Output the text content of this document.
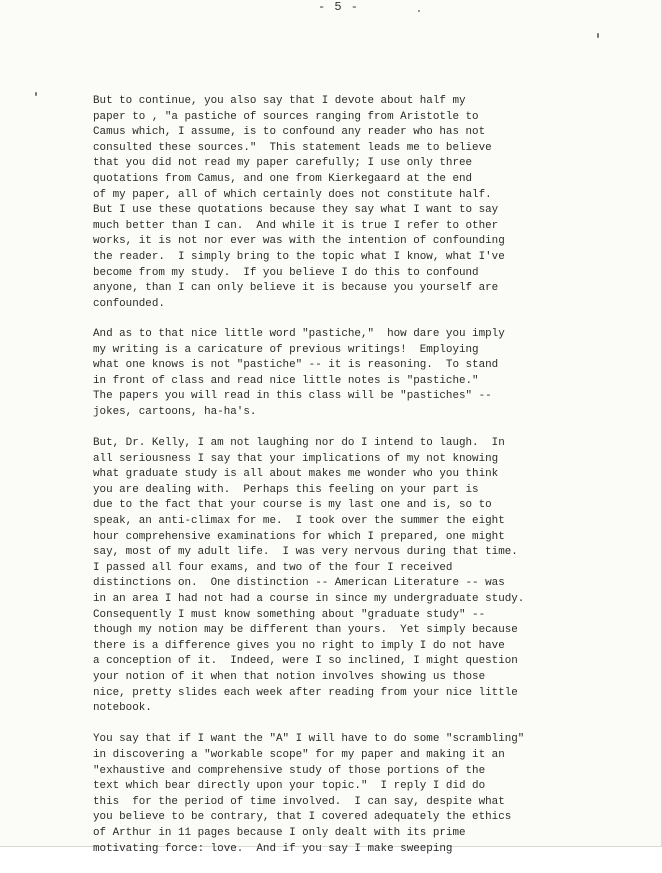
- 5 -
But to continue, you also say that I devote about half my
paper to , "a pastiche of sources ranging from Aristotle to
Camus which, I assume, is to confound any reader who has not
consulted these sources."  This statement leads me to believe
that you did not read my paper carefully; I use only three
quotations from Camus, and one from Kierkegaard at the end
of my paper, all of which certainly does not constitute half.
But I use these quotations because they say what I want to say
much better than I can.  And while it is true I refer to other
works, it is not nor ever was with the intention of confounding
the reader.  I simply bring to the topic what I know, what I've
become from my study.  If you believe I do this to confound
anyone, than I can only believe it is because you yourself are
confounded.
And as to that nice little word "pastiche,"  how dare you imply
my writing is a caricature of previous writings!  Employing
what one knows is not "pastiche" -- it is reasoning.  To stand
in front of class and read nice little notes is "pastiche."
The papers you will read in this class will be "pastiches" --
jokes, cartoons, ha-ha's.
But, Dr. Kelly, I am not laughing nor do I intend to laugh.  In
all seriousness I say that your implications of my not knowing
what graduate study is all about makes me wonder who you think
you are dealing with.  Perhaps this feeling on your part is
due to the fact that your course is my last one and is, so to
speak, an anti-climax for me.  I took over the summer the eight
hour comprehensive examinations for which I prepared, one might
say, most of my adult life.  I was very nervous during that time.
I passed all four exams, and two of the four I received
distinctions on.  One distinction -- American Literature -- was
in an area I had not had a course in since my undergraduate study.
Consequently I must know something about "graduate study" --
though my notion may be different than yours.  Yet simply because
there is a difference gives you no right to imply I do not have
a conception of it.  Indeed, were I so inclined, I might question
your notion of it when that notion involves showing us those
nice, pretty slides each week after reading from your nice little
notebook.
You say that if I want the "A" I will have to do some "scrambling"
in discovering a "workable scope" for my paper and making it an
"exhaustive and comprehensive study of those portions of the
text which bear directly upon your topic."  I reply I did do
this  for the period of time involved.  I can say, despite what
you believe to be contrary, that I covered adequately the ethics
of Arthur in 11 pages because I only dealt with its prime
motivating force: love.  And if you say I make sweeping
